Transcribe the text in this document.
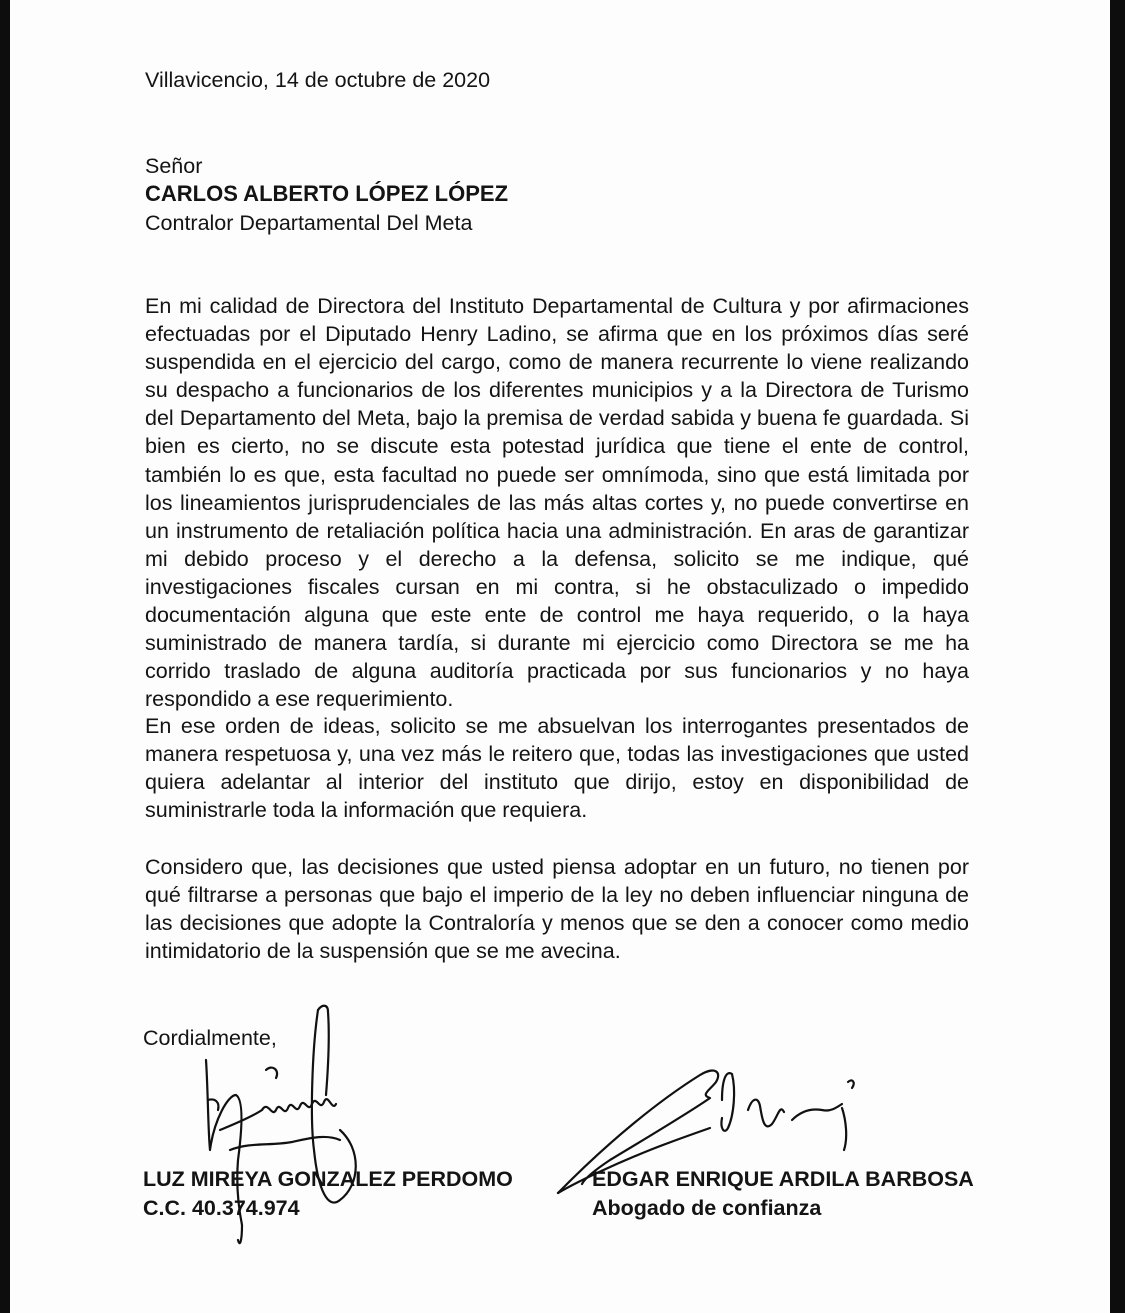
Villavicencio, 14 de octubre de 2020
Señor
CARLOS ALBERTO LÓPEZ LÓPEZ
Contralor Departamental Del Meta
En mi calidad de Directora del Instituto Departamental de Cultura y por afirmaciones efectuadas por el Diputado Henry Ladino, se afirma que en los próximos días seré suspendida en el ejercicio del cargo, como de manera recurrente lo viene realizando su despacho a funcionarios de los diferentes municipios y a la Directora de Turismo del Departamento del Meta, bajo la premisa de verdad sabida y buena fe guardada. Si bien es cierto, no se discute esta potestad jurídica que tiene el ente de control, también lo es que, esta facultad no puede ser omnímoda, sino que está limitada por los lineamientos jurisprudenciales de las más altas cortes y, no puede convertirse en un instrumento de retaliación política hacia una administración. En aras de garantizar mi debido proceso y el derecho a la defensa, solicito se me indique, qué investigaciones fiscales cursan en mi contra, si he obstaculizado o impedido documentación alguna que este ente de control me haya requerido, o la haya suministrado de manera tardía, si durante mi ejercicio como Directora se me ha corrido traslado de alguna auditoría practicada por sus funcionarios y no haya respondido a ese requerimiento.
En ese orden de ideas, solicito se me absuelvan los interrogantes presentados de manera respetuosa y, una vez más le reitero que, todas las investigaciones que usted quiera adelantar al interior del instituto que dirijo, estoy en disponibilidad de suministrarle toda la información que requiera.
Considero que, las decisiones que usted piensa adoptar en un futuro, no tienen por qué filtrarse a personas que bajo el imperio de la ley no deben influenciar ninguna de las decisiones que adopte la Contraloría y menos que se den a conocer como medio intimidatorio de la suspensión que se me avecina.
Cordialmente,
LUZ MIREYA GONZALEZ PERDOMO
C.C. 40.374.974
EDGAR ENRIQUE ARDILA BARBOSA
Abogado de confianza
